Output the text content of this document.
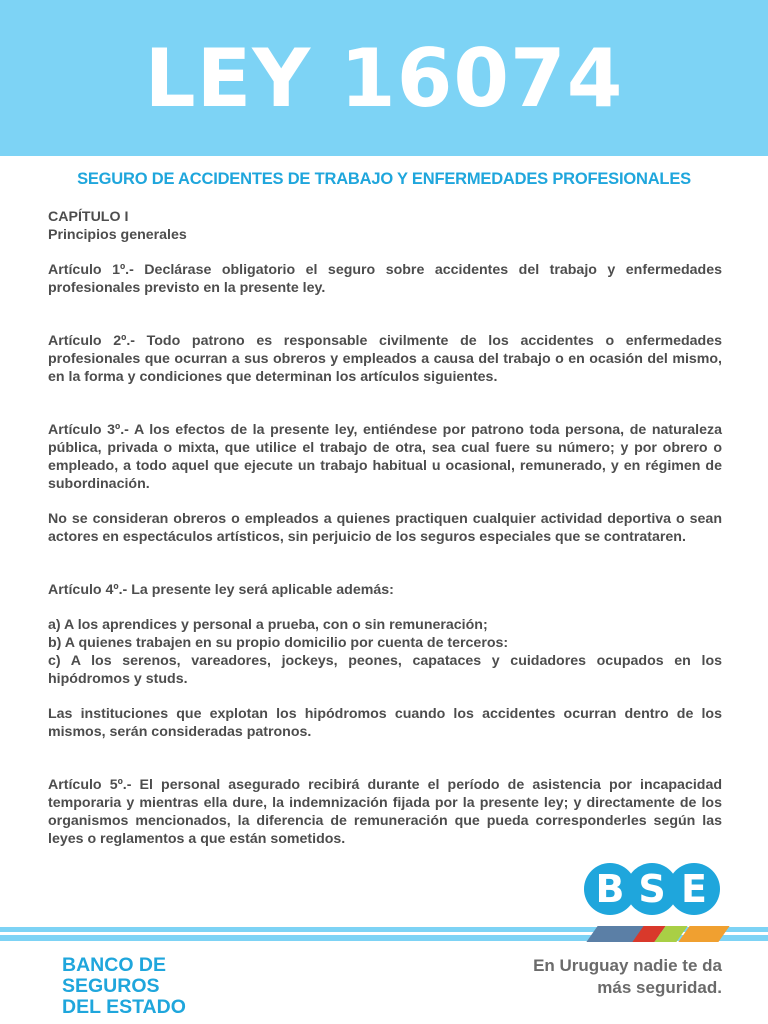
LEY 16074
SEGURO DE ACCIDENTES DE TRABAJO Y ENFERMEDADES PROFESIONALES

CAPÍTULO I

Principios generales

Artículo 1º.- Declárase obligatorio el seguro sobre accidentes del trabajo y enfermedades profesionales previsto en la presente ley.

Artículo 2º.- Todo patrono es responsable civilmente de los accidentes o enfermedades profesionales que ocurran a sus obreros y empleados a causa del trabajo o en ocasión del mismo, en la forma y condiciones que determinan los artículos siguientes.

Artículo 3º.- A los efectos de la presente ley, entiéndese por patrono toda persona, de naturaleza pública, privada o mixta, que utilice el trabajo de otra, sea cual fuere su número; y por obrero o empleado, a todo aquel que ejecute un trabajo habitual u ocasional, remunerado, y en régimen de subordinación.

No se consideran obreros o empleados a quienes practiquen cualquier actividad deportiva o sean actores en espectáculos artísticos, sin perjuicio de los seguros especiales que se contrataren.

Artículo 4º.- La presente ley será aplicable además:

a) A los aprendices y personal a prueba, con o sin remuneración;

b) A quienes trabajen en su propio domicilio por cuenta de terceros:

c) A los serenos, vareadores, jockeys, peones, capataces y cuidadores ocupados en los hipódromos y studs.

Las instituciones que explotan los hipódromos cuando los accidentes ocurran dentro de los mismos, serán consideradas patronos.

Artículo 5º.- El personal asegurado recibirá durante el período de asistencia por incapacidad temporaria y mientras ella dure, la indemnización fijada por la presente ley; y directamente de los organismos mencionados, la diferencia de remuneración que pueda corresponderles según las leyes o reglamentos a que están sometidos.

B S E
BANCO DE
SEGUROS
DEL ESTADO
En Uruguay nadie te da
más seguridad.
